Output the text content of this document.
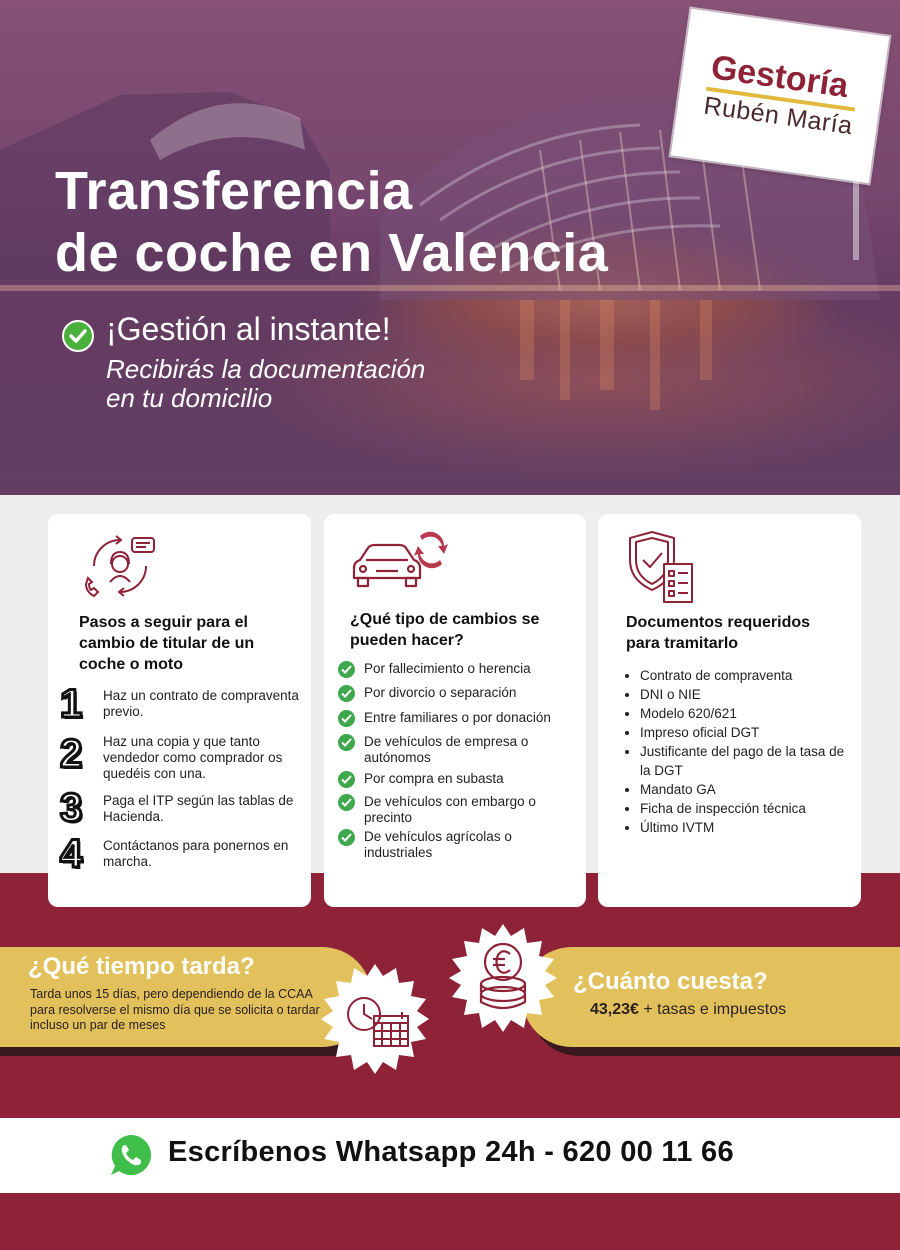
Transferencia
de coche en Valencia
¡Gestión al instante!
Recibirás la documentación
en tu domicilio
Gestoría
Rubén María
Pasos a seguir para el
cambio de titular de un
coche o moto
1 Haz un contrato de compraventa previo.
2 Haz una copia y que tanto vendedor como comprador os quedéis con una.
3 Paga el ITP según las tablas de Hacienda.
4 Contáctanos para ponernos en marcha.
¿Qué tipo de cambios se
pueden hacer?
Por fallecimiento o herencia
Por divorcio o separación
Entre familiares o por donación
De vehículos de empresa o autónomos
Por compra en subasta
De vehículos con embargo o precinto
De vehículos agrícolas o industriales
Documentos requeridos
para tramitarlo
• Contrato de compraventa
• DNI o NIE
• Modelo 620/621
• Impreso oficial DGT
• Justificante del pago de la tasa de la DGT
• Mandato GA
• Ficha de inspección técnica
• Último IVTM
¿Qué tiempo tarda?
Tarda unos 15 días, pero dependiendo de la CCAA para resolverse el mismo día que se solicita o tardar incluso un par de meses
¿Cuánto cuesta?
43,23€ + tasas e impuestos
Escríbenos Whatsapp 24h - 620 00 11 66
